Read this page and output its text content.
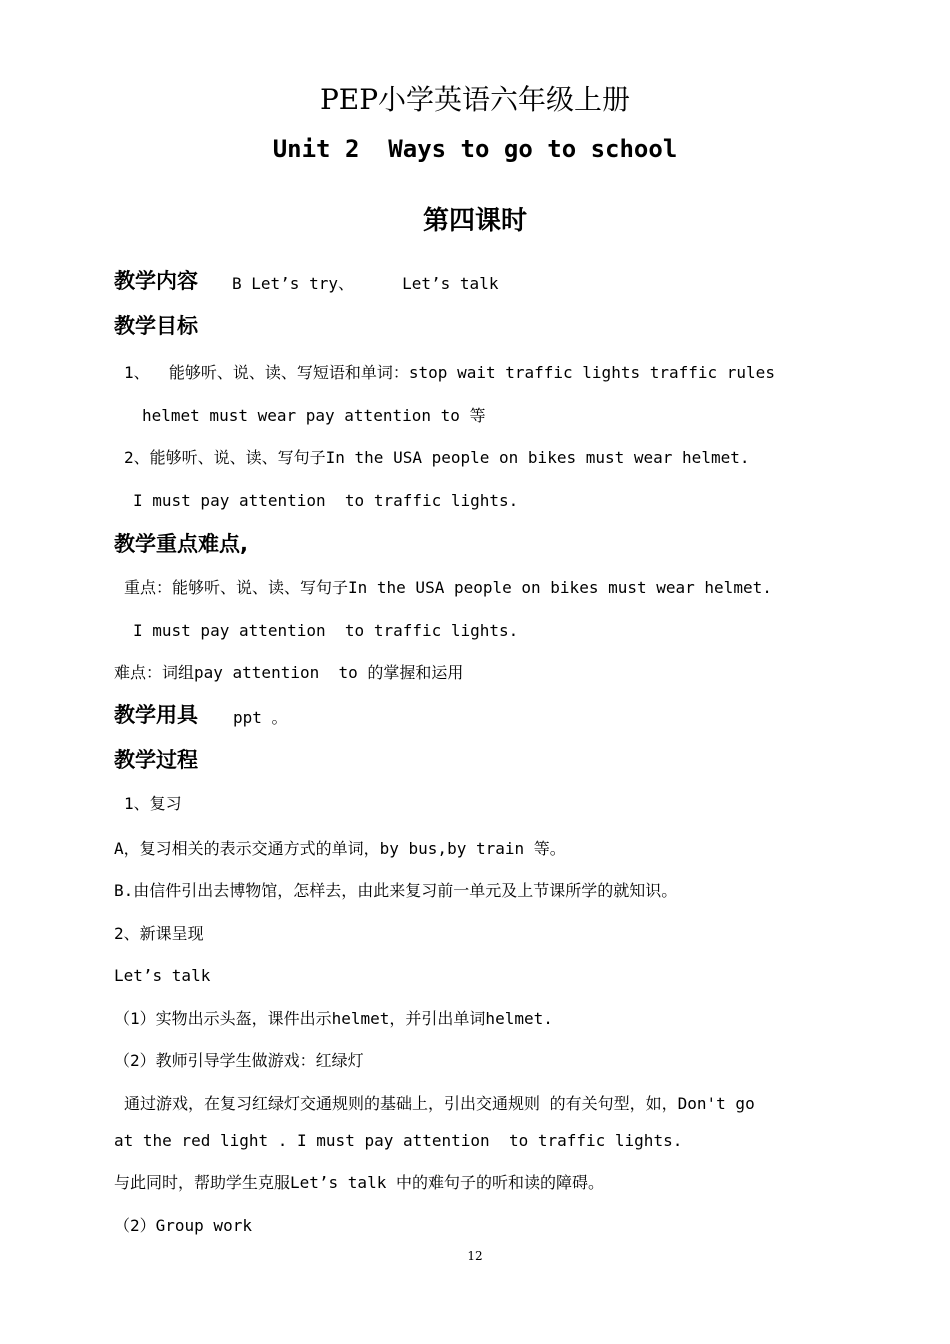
PEP小学英语六年级上册
Unit 2  Ways to go to school
第四课时
教学内容 B Let’s try、     Let’s talk
教学目标
1、  能够听、说、读、写短语和单词：stop wait traffic lights traffic rules
helmet must wear pay attention to 等
2、能够听、说、读、写句子In the USA people on bikes must wear helmet.
I must pay attention  to traffic lights.
教学重点难点,
重点：能够听、说、读、写句子In the USA people on bikes must wear helmet.
I must pay attention  to traffic lights.
难点：词组pay attention  to 的掌握和运用
教学用具 ppt 。
教学过程
1、复习
A，复习相关的表示交通方式的单词，by bus,by train 等。
B.由信件引出去博物馆，怎样去，由此来复习前一单元及上节课所学的就知识。
2、新课呈现
Let’s talk
（1）实物出示头盔，课件出示helmet，并引出单词helmet.
（2）教师引导学生做游戏：红绿灯
通过游戏，在复习红绿灯交通规则的基础上，引出交通规则 的有关句型，如，Don't go
at the red light . I must pay attention  to traffic lights.
与此同时，帮助学生克服Let’s talk 中的难句子的听和读的障碍。
（2）Group work
12
